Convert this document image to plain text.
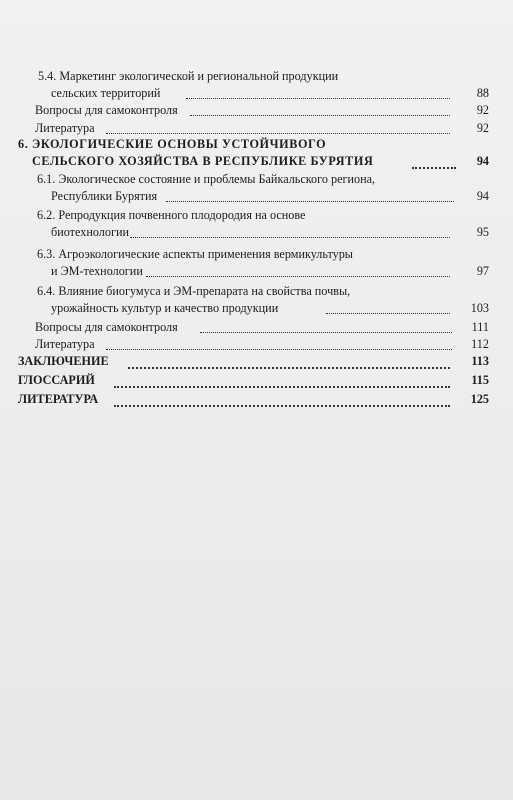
5.4. Маркетинг экологической и региональной продукции
сельских территорий	88
Вопросы для самоконтроля	92
Литература	92
6. ЭКОЛОГИЧЕСКИЕ ОСНОВЫ УСТОЙЧИВОГО
СЕЛЬСКОГО ХОЗЯЙСТВА В РЕСПУБЛИКЕ БУРЯТИЯ	94
6.1. Экологическое состояние и проблемы Байкальского региона,
Республики Бурятия	94
6.2. Репродукция почвенного плодородия на основе
биотехнологии	95
6.3. Агроэкологические аспекты применения вермикультуры
и ЭМ-технологии	97
6.4. Влияние биогумуса и ЭМ-препарата на свойства почвы,
урожайность культур и качество продукции	103
Вопросы для самоконтроля	111
Литература	112
ЗАКЛЮЧЕНИЕ	113
ГЛОССАРИЙ	115
ЛИТЕРАТУРА	125
